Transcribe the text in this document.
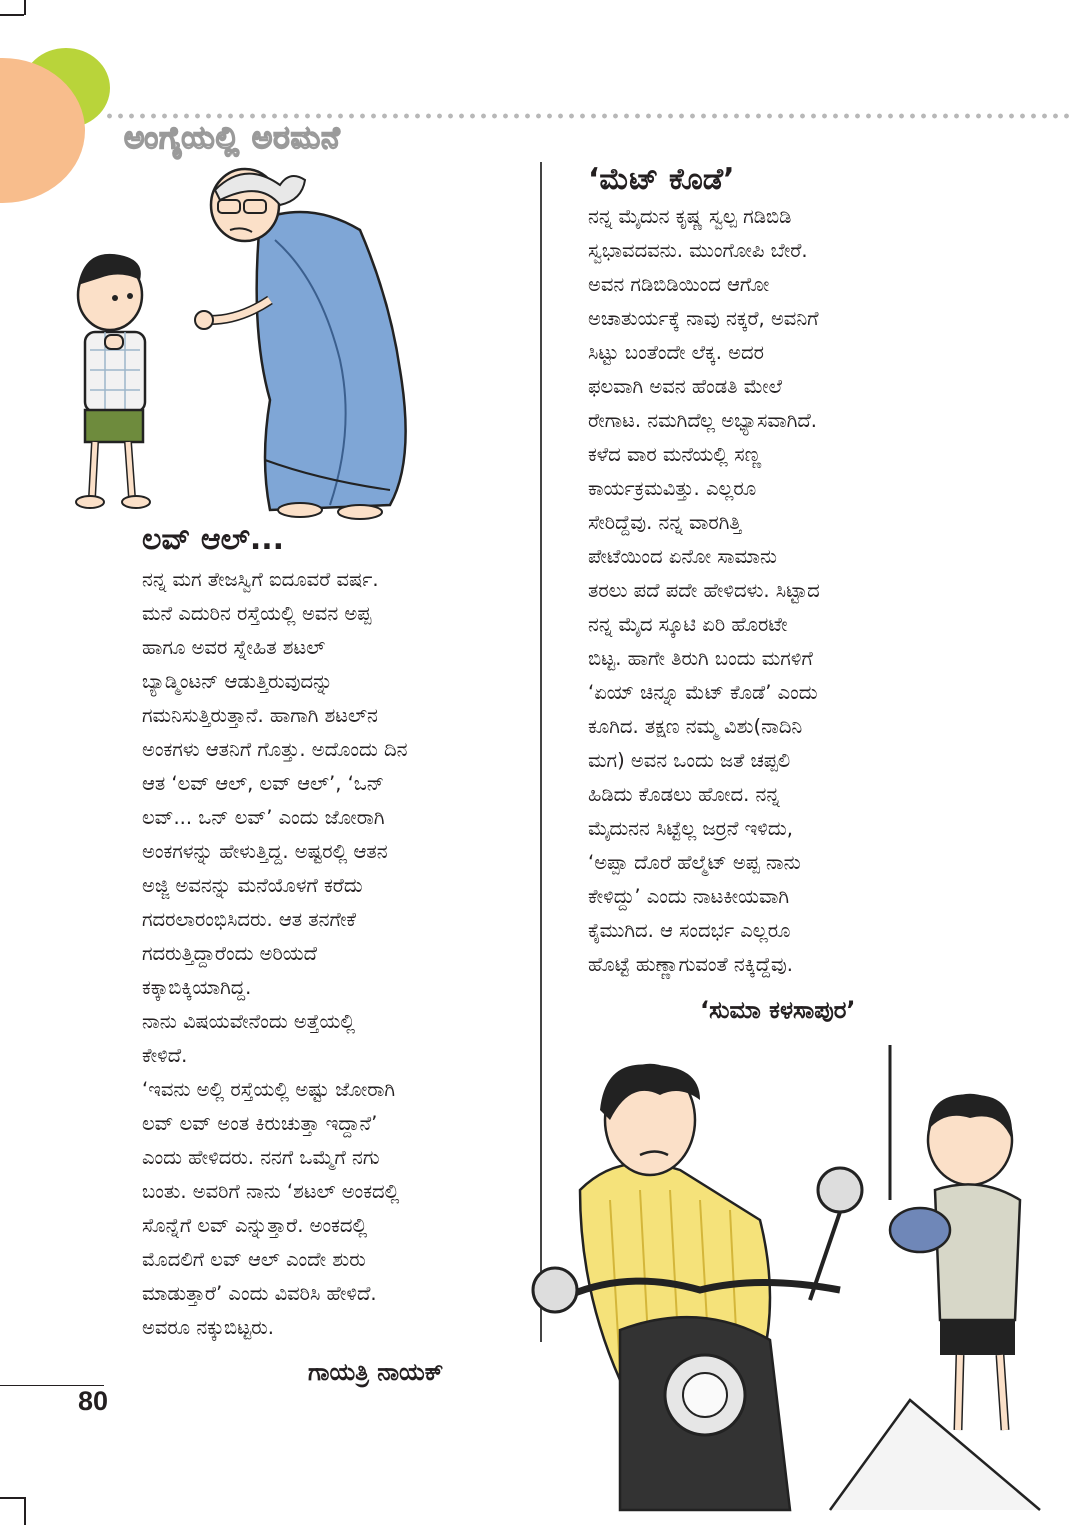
ಅಂಗೈಯಲ್ಲಿ ಅರಮನೆ
ಲವ್ ಆಲ್...

ನನ್ನ ಮಗ ತೇಜಸ್ವಿಗೆ ಐದೂವರೆ ವರ್ಷ.

ಮನೆ ಎದುರಿನ ರಸ್ತೆಯಲ್ಲಿ ಅವನ ಅಪ್ಪ

ಹಾಗೂ ಅವರ ಸ್ನೇಹಿತ ಶಟಲ್

ಬ್ಯಾಡ್ಮಿಂಟನ್ ಆಡುತ್ತಿರುವುದನ್ನು

ಗಮನಿಸುತ್ತಿರುತ್ತಾನೆ. ಹಾಗಾಗಿ ಶಟಲ್‌ನ

ಅಂಕಗಳು ಆತನಿಗೆ ಗೊತ್ತು. ಅದೊಂದು ದಿನ

ಆತ ‘ಲವ್ ಆಲ್, ಲವ್ ಆಲ್’, ‘ಒನ್

ಲವ್... ಒನ್ ಲವ್’ ಎಂದು ಜೋರಾಗಿ

ಅಂಕಗಳನ್ನು ಹೇಳುತ್ತಿದ್ದ. ಅಷ್ಟರಲ್ಲಿ ಆತನ

ಅಜ್ಜಿ ಅವನನ್ನು ಮನೆಯೊಳಗೆ ಕರೆದು

ಗದರಲಾರಂಭಿಸಿದರು. ಆತ ತನಗೇಕೆ

ಗದರುತ್ತಿದ್ದಾರೆಂದು ಅರಿಯದೆ

ಕಕ್ಕಾಬಿಕ್ಕಿಯಾಗಿದ್ದ.

ನಾನು ವಿಷಯವೇನೆಂದು ಅತ್ತೆಯಲ್ಲಿ

ಕೇಳಿದೆ.

‘ಇವನು ಅಲ್ಲಿ ರಸ್ತೆಯಲ್ಲಿ ಅಷ್ಟು ಜೋರಾಗಿ

ಲವ್ ಲವ್ ಅಂತ ಕಿರುಚುತ್ತಾ ಇದ್ದಾನೆ’

ಎಂದು ಹೇಳಿದರು. ನನಗೆ ಒಮ್ಮೆಗೆ ನಗು

ಬಂತು. ಅವರಿಗೆ ನಾನು ‘ಶಟಲ್ ಅಂಕದಲ್ಲಿ

ಸೊನ್ನೆಗೆ ಲವ್ ಎನ್ನುತ್ತಾರೆ. ಅಂಕದಲ್ಲಿ

ಮೊದಲಿಗೆ ಲವ್ ಆಲ್ ಎಂದೇ ಶುರು

ಮಾಡುತ್ತಾರೆ’ ಎಂದು ವಿವರಿಸಿ ಹೇಳಿದೆ.

ಅವರೂ ನಕ್ಕುಬಿಟ್ಟರು.

ಗಾಯತ್ರಿ ನಾಯಕ್
‘ಮೆಟ್ ಕೊಡೆ’

ನನ್ನ ಮೈದುನ ಕೃಷ್ಣ ಸ್ವಲ್ಪ ಗಡಿಬಿಡಿ

ಸ್ವಭಾವದವನು. ಮುಂಗೋಪಿ ಬೇರೆ.

ಅವನ ಗಡಿಬಿಡಿಯಿಂದ ಆಗೋ

ಅಚಾತುರ್ಯಕ್ಕೆ ನಾವು ನಕ್ಕರೆ, ಅವನಿಗೆ

ಸಿಟ್ಟು ಬಂತೆಂದೇ ಲೆಕ್ಕ. ಅದರ

ಫಲವಾಗಿ ಅವನ ಹೆಂಡತಿ ಮೇಲೆ

ರೇಗಾಟ. ನಮಗಿದೆಲ್ಲ ಅಭ್ಯಾಸವಾಗಿದೆ.

ಕಳೆದ ವಾರ ಮನೆಯಲ್ಲಿ ಸಣ್ಣ

ಕಾರ್ಯಕ್ರಮವಿತ್ತು. ಎಲ್ಲರೂ

ಸೇರಿದ್ದೆವು. ನನ್ನ ವಾರಗಿತ್ತಿ

ಪೇಟೆಯಿಂದ ಏನೋ ಸಾಮಾನು

ತರಲು ಪದೆ ಪದೇ ಹೇಳಿದಳು. ಸಿಟ್ಟಾದ

ನನ್ನ ಮೈದ ಸ್ಕೂಟಿ ಏರಿ ಹೊರಟೇ

ಬಿಟ್ಟ. ಹಾಗೇ ತಿರುಗಿ ಬಂದು ಮಗಳಿಗೆ

‘ಏಯ್ ಚಿನ್ನೂ ಮೆಟ್ ಕೊಡೆ’ ಎಂದು

ಕೂಗಿದ. ತಕ್ಷಣ ನಮ್ಮ ವಿಶು(ನಾದಿನಿ

ಮಗ) ಅವನ ಒಂದು ಜತೆ ಚಪ್ಪಲಿ

ಹಿಡಿದು ಕೊಡಲು ಹೋದ. ನನ್ನ

ಮೈದುನನ ಸಿಟ್ಟೆಲ್ಲ ಜರ್ರನೆ ಇಳಿದು,

‘ಅಪ್ಪಾ ದೊರೆ ಹೆಲ್ಮೆಟ್ ಅಪ್ಪ ನಾನು

ಕೇಳಿದ್ದು’ ಎಂದು ನಾಟಕೀಯವಾಗಿ

ಕೈಮುಗಿದ. ಆ ಸಂದರ್ಭ ಎಲ್ಲರೂ

ಹೊಟ್ಟೆ ಹುಣ್ಣಾಗುವಂತೆ ನಕ್ಕಿದ್ದೆವು.

‘ಸುಮಾ ಕಳಸಾಪುರ’
80
